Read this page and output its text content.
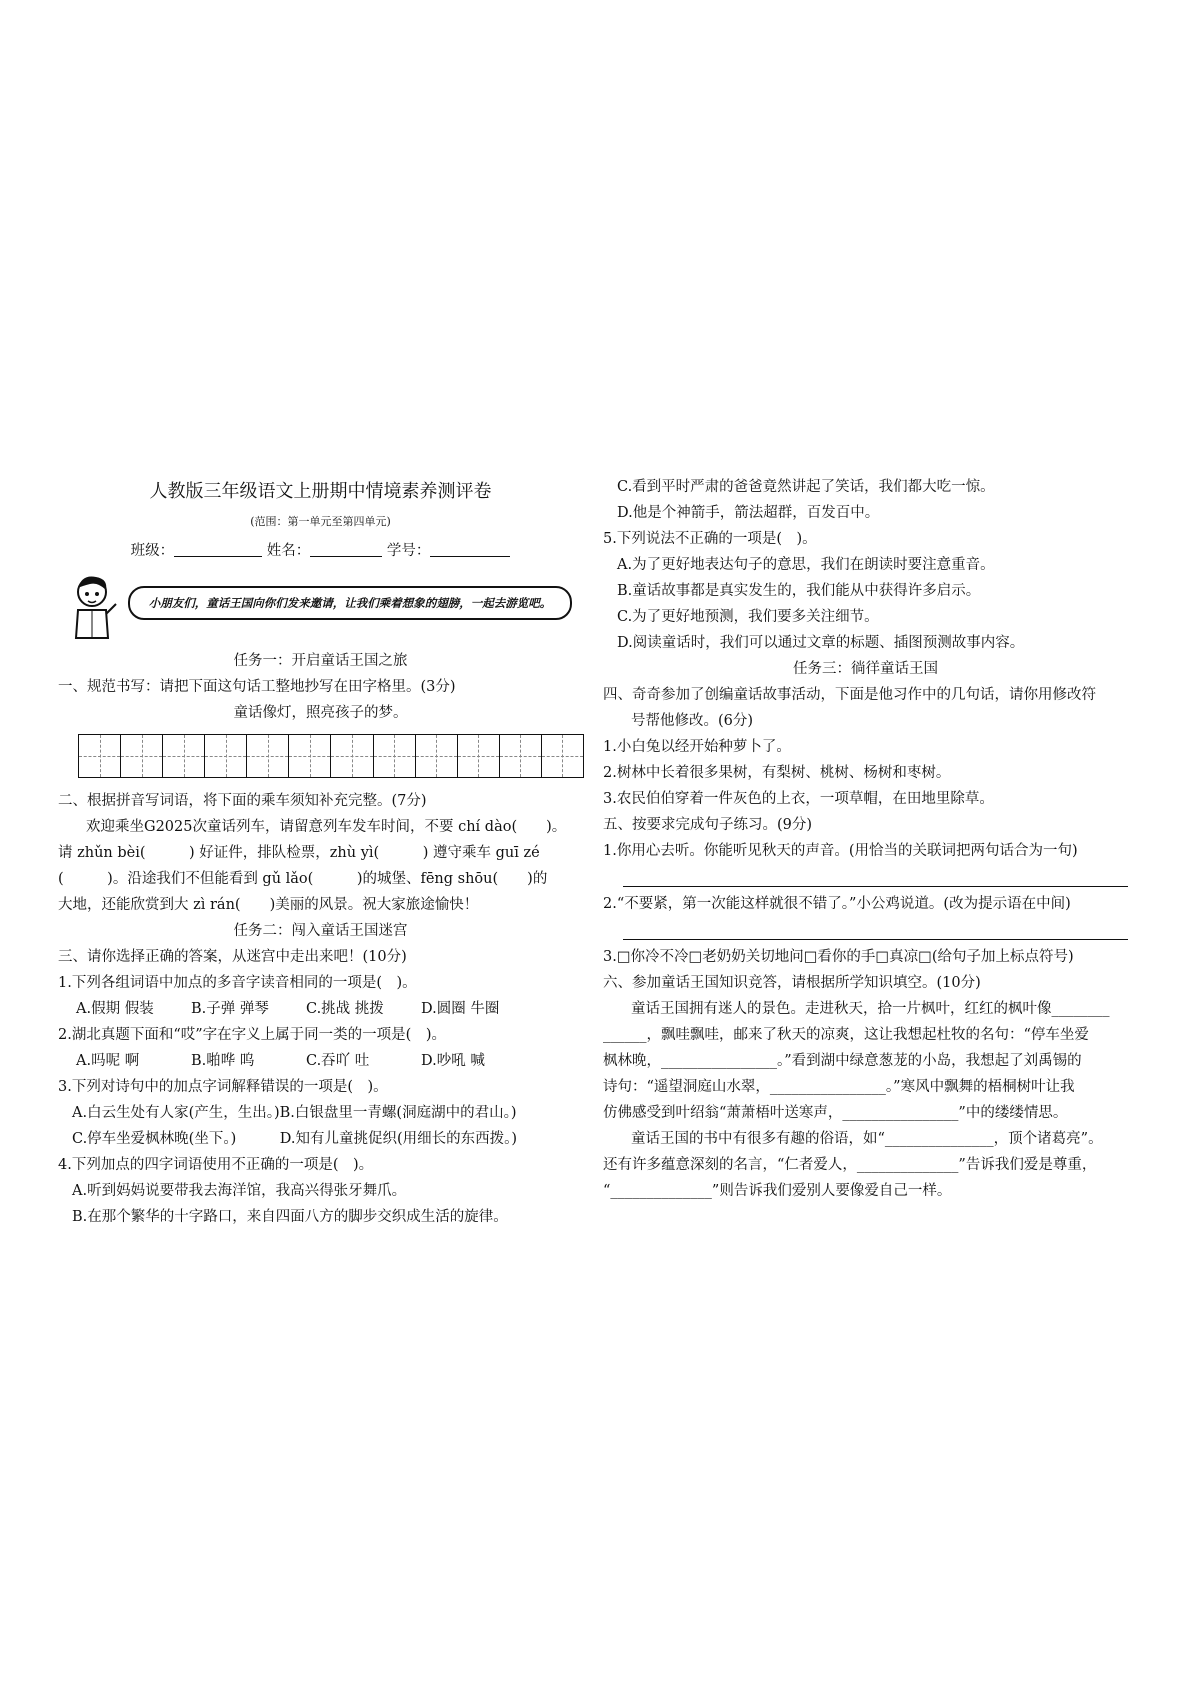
人教版三年级语文上册期中情境素养测评卷
(范围：第一单元至第四单元)
班级：	姓名：	学号：
小朋友们，童话王国向你们发来邀请，让我们乘着想象的翅膀，一起去游览吧。
任务一：开启童话王国之旅
一、规范书写：请把下面这句话工整地抄写在田字格里。(3分)
童话像灯，照亮孩子的梦。
二、根据拼音写词语，将下面的乘车须知补充完整。(7分)
欢迎乘坐G2025次童话列车，请留意列车发车时间，不要 chí dào(　　)。
请 zhǔn bèi(　　　) 好证件，排队检票，zhù yì(　　　) 遵守乘车 guī zé
(　　　)。沿途我们不但能看到 gǔ lǎo(　　　)的城堡、fēng shōu(　　)的
大地，还能欣赏到大 zì rán(　　)美丽的风景。祝大家旅途愉快！
任务二：闯入童话王国迷宫
三、请你选择正确的答案，从迷宫中走出来吧！(10分)
1.下列各组词语中加点的多音字读音相同的一项是(　)。
A.假期 假装	B.子弹 弹琴	C.挑战 挑拨	D.圆圈 牛圈
2.湖北真题下面和“哎”字在字义上属于同一类的一项是(　)。
A.吗呢 啊	B.啪哗 呜	C.吞吖 吐	D.吵吼 喊
3.下列对诗句中的加点字词解释错误的一项是(　)。
A.白云生处有人家(产生，生出。)B.白银盘里一青螺(洞庭湖中的君山。)
C.停车坐爱枫林晚(坐下。)　　　D.知有儿童挑促织(用细长的东西拨。)
4.下列加点的四字词语使用不正确的一项是(　)。
A.听到妈妈说要带我去海洋馆，我高兴得张牙舞爪。
B.在那个繁华的十字路口，来自四面八方的脚步交织成生活的旋律。
C.看到平时严肃的爸爸竟然讲起了笑话，我们都大吃一惊。
D.他是个神箭手，箭法超群，百发百中。
5.下列说法不正确的一项是(　)。
A.为了更好地表达句子的意思，我们在朗读时要注意重音。
B.童话故事都是真实发生的，我们能从中获得许多启示。
C.为了更好地预测，我们要多关注细节。
D.阅读童话时，我们可以通过文章的标题、插图预测故事内容。
任务三：徜徉童话王国
四、奇奇参加了创编童话故事活动，下面是他习作中的几句话，请你用修改符
号帮他修改。(6分)
1.小白兔以经开始种萝卜了。
2.树林中长着很多果树，有梨树、桃树、杨树和枣树。
3.农民伯伯穿着一件灰色的上衣，一项草帽，在田地里除草。
五、按要求完成句子练习。(9分)
1.你用心去听。你能听见秋天的声音。(用恰当的关联词把两句话合为一句)
2.“不要紧，第一次能这样就很不错了。”小公鸡说道。(改为提示语在中间)
3.□你冷不冷□老奶奶关切地问□看你的手□真凉□(给句子加上标点符号)
六、参加童话王国知识竞答，请根据所学知识填空。(10分)
童话王国拥有迷人的景色。走进秋天，拾一片枫叶，红红的枫叶像________
______，飘哇飘哇，邮来了秋天的凉爽，这让我想起杜牧的名句：“停车坐爱
枫林晚，________________。”看到湖中绿意葱茏的小岛，我想起了刘禹锡的
诗句：“遥望洞庭山水翠，________________。”寒风中飘舞的梧桐树叶让我
仿佛感受到叶绍翁“萧萧梧叶送寒声，________________”中的缕缕情思。
童话王国的书中有很多有趣的俗语，如“_______________，顶个诸葛亮”。
还有许多蕴意深刻的名言，“仁者爱人，______________”告诉我们爱是尊重，
“______________”则告诉我们爱别人要像爱自己一样。
